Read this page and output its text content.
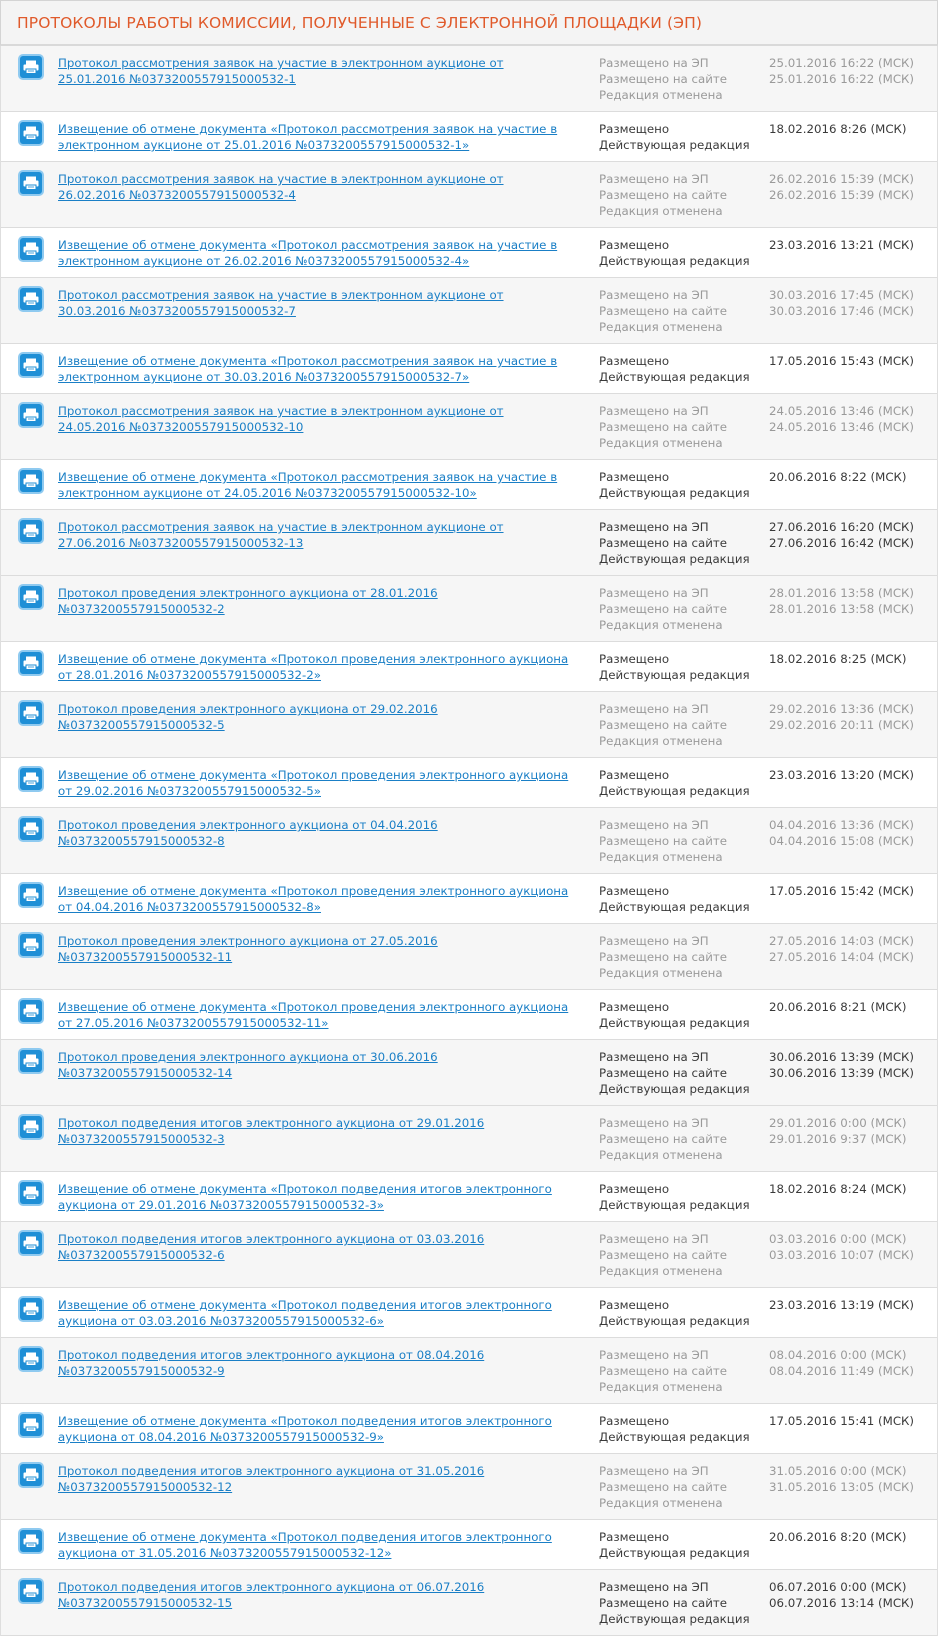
ПРОТОКОЛЫ РАБОТЫ КОМИССИИ, ПОЛУЧЕННЫЕ С ЭЛЕКТРОННОЙ ПЛОЩАДКИ (ЭП)
Протокол рассмотрения заявок на участие в электронном аукционе от 25.01.2016 №0373200557915000532-1
Размещено на ЭП
Размещено на сайте
Редакция отменена
25.01.2016 16:22 (МСК)
25.01.2016 16:22 (МСК)
Извещение об отмене документа «Протокол рассмотрения заявок на участие в электронном аукционе от 25.01.2016 №0373200557915000532-1»
Размещено
Действующая редакция
18.02.2016 8:26 (МСК)
Протокол рассмотрения заявок на участие в электронном аукционе от 26.02.2016 №0373200557915000532-4
Размещено на ЭП
Размещено на сайте
Редакция отменена
26.02.2016 15:39 (МСК)
26.02.2016 15:39 (МСК)
Извещение об отмене документа «Протокол рассмотрения заявок на участие в электронном аукционе от 26.02.2016 №0373200557915000532-4»
Размещено
Действующая редакция
23.03.2016 13:21 (МСК)
Протокол рассмотрения заявок на участие в электронном аукционе от 30.03.2016 №0373200557915000532-7
Размещено на ЭП
Размещено на сайте
Редакция отменена
30.03.2016 17:45 (МСК)
30.03.2016 17:46 (МСК)
Извещение об отмене документа «Протокол рассмотрения заявок на участие в электронном аукционе от 30.03.2016 №0373200557915000532-7»
Размещено
Действующая редакция
17.05.2016 15:43 (МСК)
Протокол рассмотрения заявок на участие в электронном аукционе от 24.05.2016 №0373200557915000532-10
Размещено на ЭП
Размещено на сайте
Редакция отменена
24.05.2016 13:46 (МСК)
24.05.2016 13:46 (МСК)
Извещение об отмене документа «Протокол рассмотрения заявок на участие в электронном аукционе от 24.05.2016 №0373200557915000532-10»
Размещено
Действующая редакция
20.06.2016 8:22 (МСК)
Протокол рассмотрения заявок на участие в электронном аукционе от 27.06.2016 №0373200557915000532-13
Размещено на ЭП
Размещено на сайте
Действующая редакция
27.06.2016 16:20 (МСК)
27.06.2016 16:42 (МСК)
Протокол проведения электронного аукциона от 28.01.2016 №0373200557915000532-2
Размещено на ЭП
Размещено на сайте
Редакция отменена
28.01.2016 13:58 (МСК)
28.01.2016 13:58 (МСК)
Извещение об отмене документа «Протокол проведения электронного аукциона от 28.01.2016 №0373200557915000532-2»
Размещено
Действующая редакция
18.02.2016 8:25 (МСК)
Протокол проведения электронного аукциона от 29.02.2016 №0373200557915000532-5
Размещено на ЭП
Размещено на сайте
Редакция отменена
29.02.2016 13:36 (МСК)
29.02.2016 20:11 (МСК)
Извещение об отмене документа «Протокол проведения электронного аукциона от 29.02.2016 №0373200557915000532-5»
Размещено
Действующая редакция
23.03.2016 13:20 (МСК)
Протокол проведения электронного аукциона от 04.04.2016 №0373200557915000532-8
Размещено на ЭП
Размещено на сайте
Редакция отменена
04.04.2016 13:36 (МСК)
04.04.2016 15:08 (МСК)
Извещение об отмене документа «Протокол проведения электронного аукциона от 04.04.2016 №0373200557915000532-8»
Размещено
Действующая редакция
17.05.2016 15:42 (МСК)
Протокол проведения электронного аукциона от 27.05.2016 №0373200557915000532-11
Размещено на ЭП
Размещено на сайте
Редакция отменена
27.05.2016 14:03 (МСК)
27.05.2016 14:04 (МСК)
Извещение об отмене документа «Протокол проведения электронного аукциона от 27.05.2016 №0373200557915000532-11»
Размещено
Действующая редакция
20.06.2016 8:21 (МСК)
Протокол проведения электронного аукциона от 30.06.2016 №0373200557915000532-14
Размещено на ЭП
Размещено на сайте
Действующая редакция
30.06.2016 13:39 (МСК)
30.06.2016 13:39 (МСК)
Протокол подведения итогов электронного аукциона от 29.01.2016 №0373200557915000532-3
Размещено на ЭП
Размещено на сайте
Редакция отменена
29.01.2016 0:00 (МСК)
29.01.2016 9:37 (МСК)
Извещение об отмене документа «Протокол подведения итогов электронного аукциона от 29.01.2016 №0373200557915000532-3»
Размещено
Действующая редакция
18.02.2016 8:24 (МСК)
Протокол подведения итогов электронного аукциона от 03.03.2016 №0373200557915000532-6
Размещено на ЭП
Размещено на сайте
Редакция отменена
03.03.2016 0:00 (МСК)
03.03.2016 10:07 (МСК)
Извещение об отмене документа «Протокол подведения итогов электронного аукциона от 03.03.2016 №0373200557915000532-6»
Размещено
Действующая редакция
23.03.2016 13:19 (МСК)
Протокол подведения итогов электронного аукциона от 08.04.2016 №0373200557915000532-9
Размещено на ЭП
Размещено на сайте
Редакция отменена
08.04.2016 0:00 (МСК)
08.04.2016 11:49 (МСК)
Извещение об отмене документа «Протокол подведения итогов электронного аукциона от 08.04.2016 №0373200557915000532-9»
Размещено
Действующая редакция
17.05.2016 15:41 (МСК)
Протокол подведения итогов электронного аукциона от 31.05.2016 №0373200557915000532-12
Размещено на ЭП
Размещено на сайте
Редакция отменена
31.05.2016 0:00 (МСК)
31.05.2016 13:05 (МСК)
Извещение об отмене документа «Протокол подведения итогов электронного аукциона от 31.05.2016 №0373200557915000532-12»
Размещено
Действующая редакция
20.06.2016 8:20 (МСК)
Протокол подведения итогов электронного аукциона от 06.07.2016 №0373200557915000532-15
Размещено на ЭП
Размещено на сайте
Действующая редакция
06.07.2016 0:00 (МСК)
06.07.2016 13:14 (МСК)
